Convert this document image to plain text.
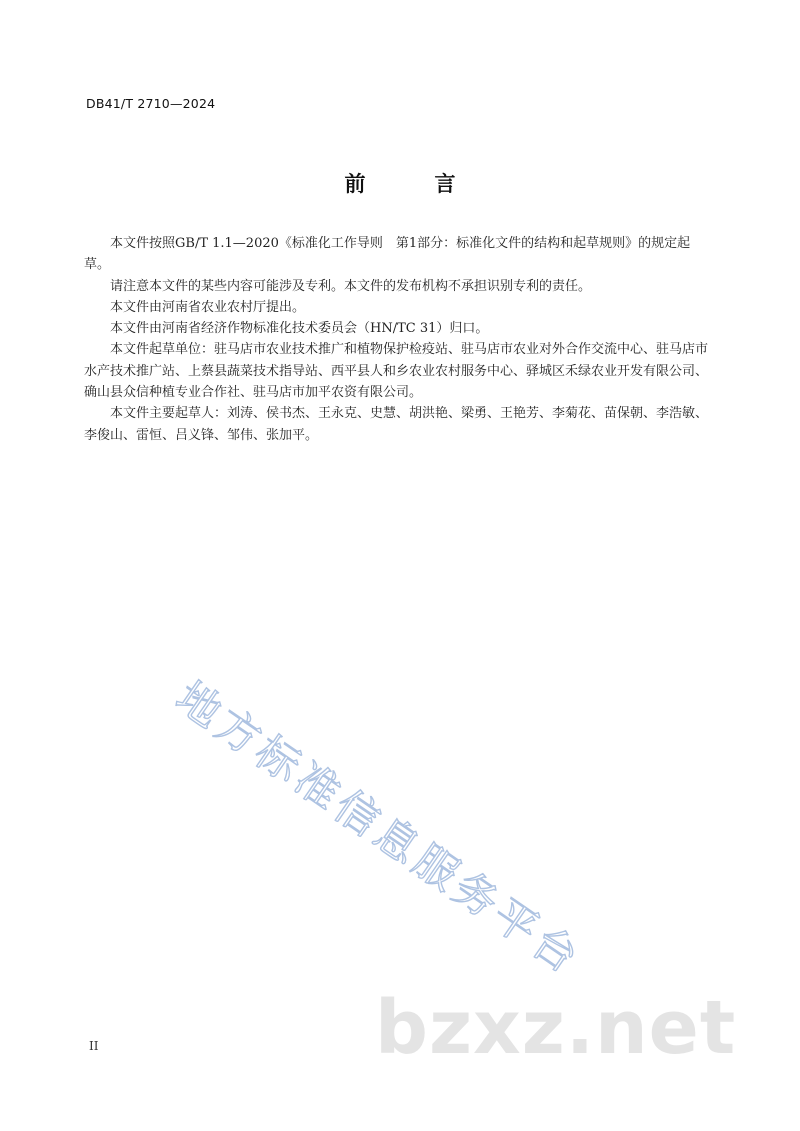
DB41/T 2710—2024
前　言

本文件按照GB/T 1.1—2020《标准化工作导则　第1部分：标准化文件的结构和起草规则》的规定起草。

请注意本文件的某些内容可能涉及专利。本文件的发布机构不承担识别专利的责任。

本文件由河南省农业农村厅提出。

本文件由河南省经济作物标准化技术委员会（HN/TC 31）归口。

本文件起草单位：驻马店市农业技术推广和植物保护检疫站、驻马店市农业对外合作交流中心、驻马店市水产技术推广站、上蔡县蔬菜技术指导站、西平县人和乡农业农村服务中心、驿城区禾绿农业开发有限公司、确山县众信种植专业合作社、驻马店市加平农资有限公司。

本文件主要起草人：刘涛、侯书杰、王永克、史慧、胡洪艳、梁勇、王艳芳、李菊花、苗保朝、李浩敏、李俊山、雷恒、吕义锋、邹伟、张加平。

地方标准信息服务平台
bzxz.net
II
